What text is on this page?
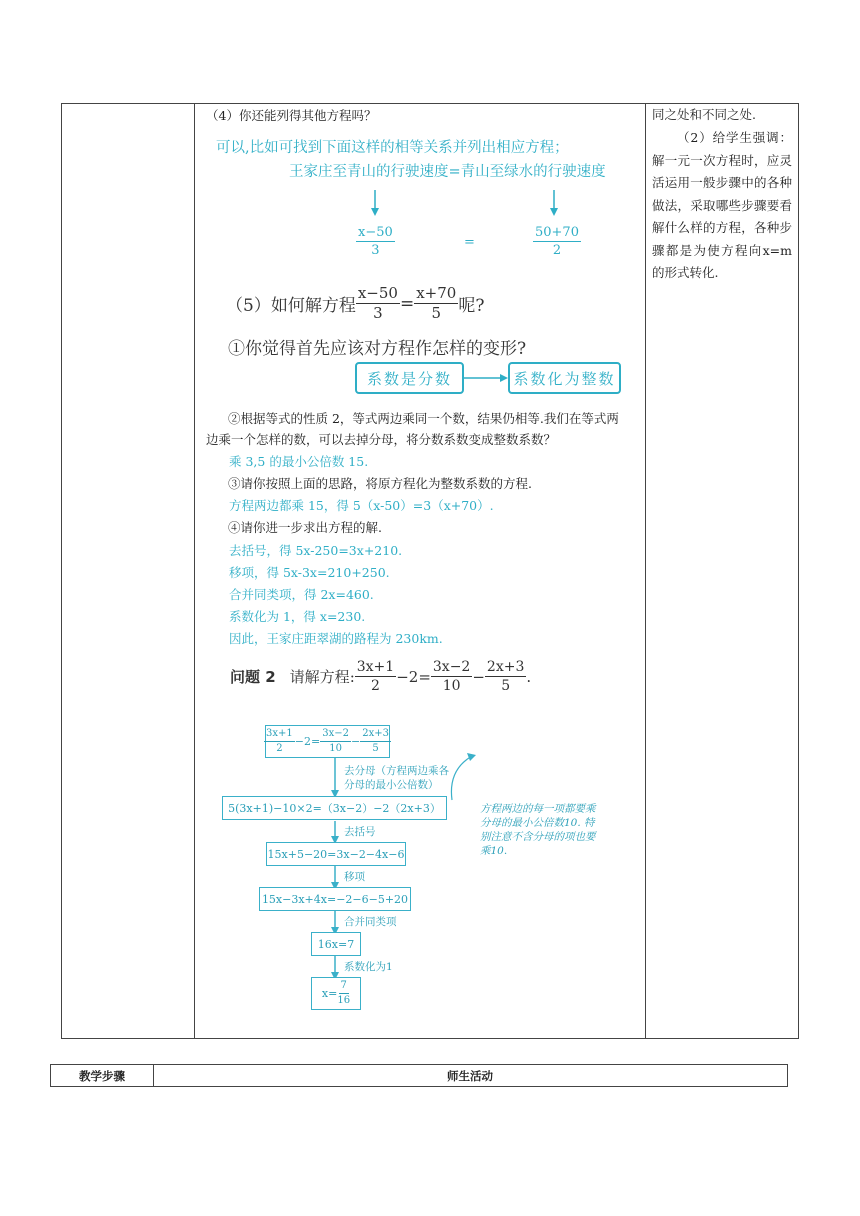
（4）你还能列得其他方程吗？
可以,比如可找到下面这样的相等关系并列出相应方程；
王家庄至青山的行驶速度=青山至绿水的行驶速度
$\frac{x-50}{3}$	=	$\frac{50+70}{2}$
（5）如何解方程 $\frac{x-50}{3} = \frac{x+70}{5}$ 呢?
①你觉得首先应该对方程作怎样的变形?
系数是分数	系数化为整数
②根据等式的性质 2，等式两边乘同一个数，结果仍相等.我们在等式两
边乘一个怎样的数，可以去掉分母，将分数系数变成整数系数？
乘 3,5 的最小公倍数 15.
③请你按照上面的思路，将原方程化为整数系数的方程.
方程两边都乘 15，得 5（x-50）=3（x+70）.
④请你进一步求出方程的解.
去括号，得 5x-250=3x+210.
移项，得 5x-3x=210+250.
合并同类项，得 2x=460.
系数化为 1，得 x=230.
因此，王家庄距翠湖的路程为 230km.
问题 2 请解方程 : $\frac{3x+1}{2} -2= \frac{3x-2}{10} - \frac{2x+3}{5}$ .
$\frac{3x+1}{2} -2= \frac{3x-2}{10} - \frac{2x+3}{5}$
去分母（方程两边乘各
分母的最小公倍数）
5(3x+1)−10×2=（3x−2）−2（2x+3）
去括号
15x+5−20=3x−2−4x−6
移项
15x−3x+4x=−2−6−5+20
合并同类项
16x=7
系数化为1
$x= \frac{7}{16}$
方程两边的每一项都要乘
分母的最小公倍数10. 特
别注意不含分母的项也要
乘10.
同之处和不同之处.
（2）给学生强调：解一元一次方程时，应灵活运用一般步骤中的各种做法，采取哪些步骤要看解什么样的方程，各种步骤都是为使方程向x=m的形式转化.
教学步骤	师生活动
